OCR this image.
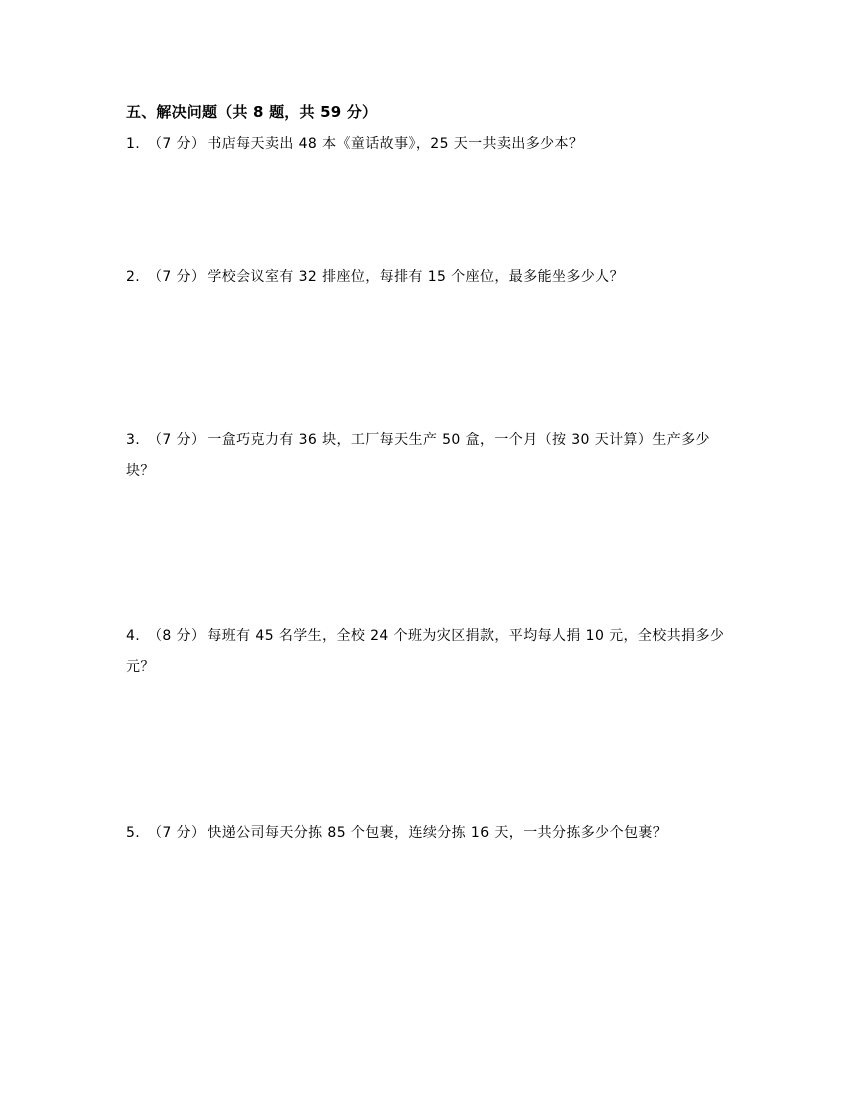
五、解决问题（共 8 题，共 59 分）
1. （7 分） 书店每天卖出 48 本《童话故事》，25 天一共卖出多少本？
2. （7 分） 学校会议室有 32 排座位，每排有 15 个座位，最多能坐多少人？
3. （7 分） 一盒巧克力有 36 块，工厂每天生产 50 盒，一个月（按 30 天计算）生产多少块？
4. （8 分） 每班有 45 名学生，全校 24 个班为灾区捐款，平均每人捐 10 元，全校共捐多少元？
5. （7 分） 快递公司每天分拣 85 个包裹，连续分拣 16 天，一共分拣多少个包裹？
